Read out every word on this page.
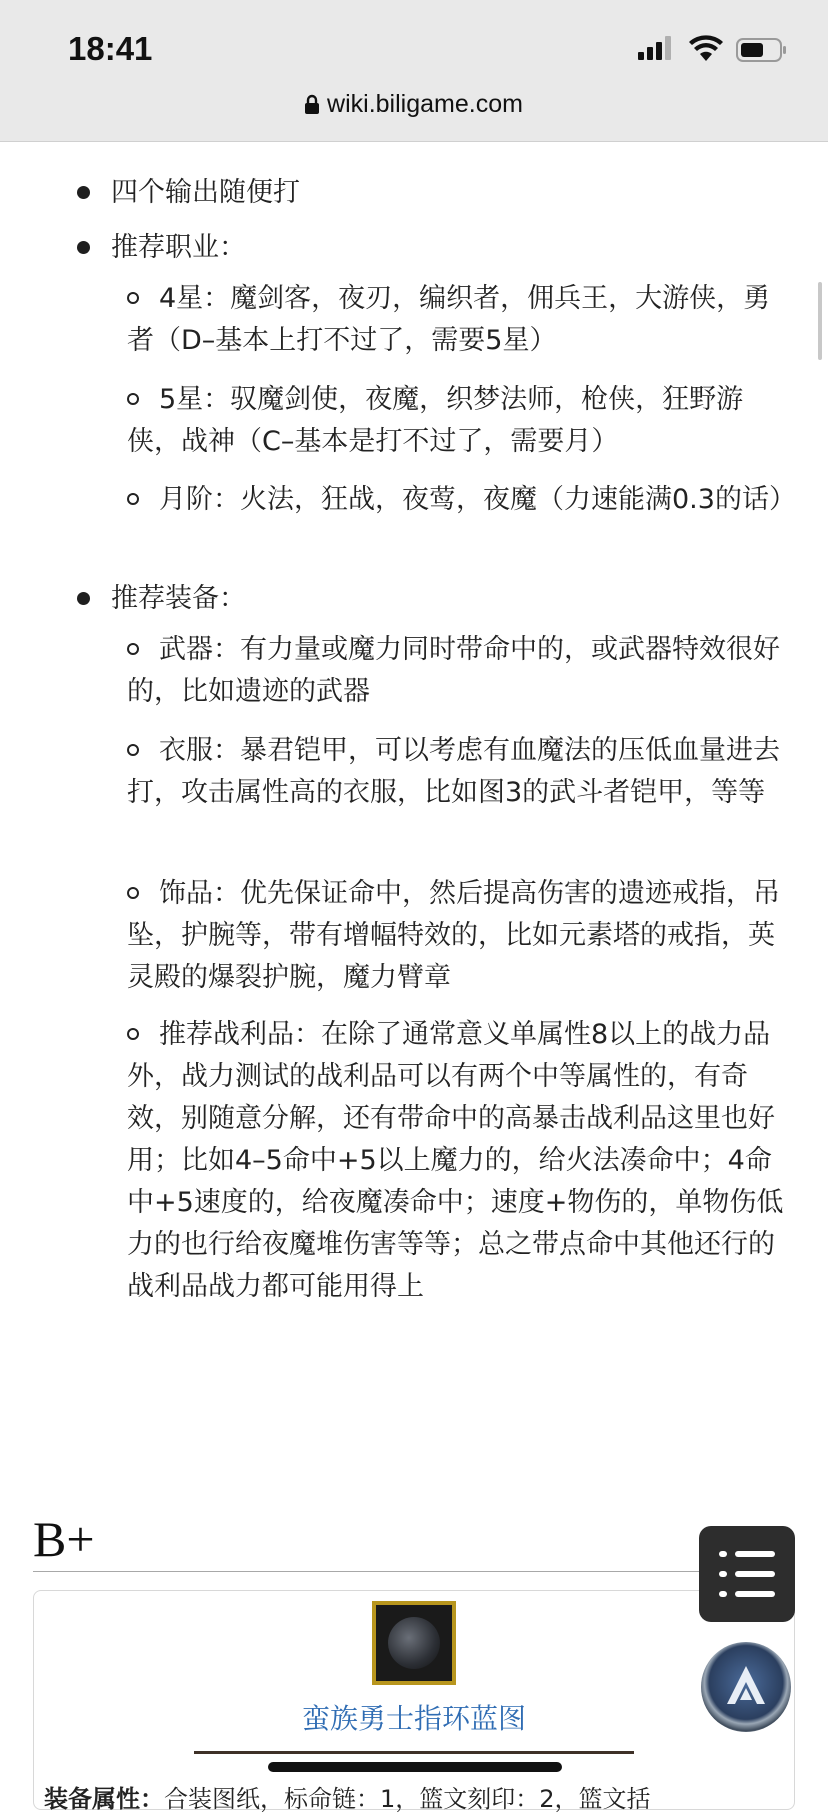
18:41
wiki.biligame.com
四个输出随便打
推荐职业：
4星：魔剑客，夜刃，编织者，佣兵王，大游侠，勇者（D–基本上打不过了，需要5星）
5星：驭魔剑使，夜魔，织梦法师，枪侠，狂野游侠，战神（C–基本是打不过了，需要月）
月阶：火法，狂战，夜莺，夜魔（力速能满0.3的话）
推荐装备：
武器：有力量或魔力同时带命中的，或武器特效很好的，比如遗迹的武器
衣服：暴君铠甲，可以考虑有血魔法的压低血量进去打，攻击属性高的衣服，比如图3的武斗者铠甲，等等
饰品：优先保证命中，然后提高伤害的遗迹戒指，吊坠，护腕等，带有增幅特效的，比如元素塔的戒指，英灵殿的爆裂护腕，魔力臂章
推荐战利品：在除了通常意义单属性8以上的战力品外，战力测试的战利品可以有两个中等属性的，有奇效，别随意分解，还有带命中的高暴击战利品这里也好用；比如4–5命中+5以上魔力的，给火法凑命中；4命中+5速度的，给夜魔凑命中；速度+物伤的，单物伤低力的也行给夜魔堆伤害等等；总之带点命中其他还行的战利品战力都可能用得上
B+
蛮族勇士指环蓝图
装备属性：合装图纸，标命链：1，篮文刻印：2，篮文括
